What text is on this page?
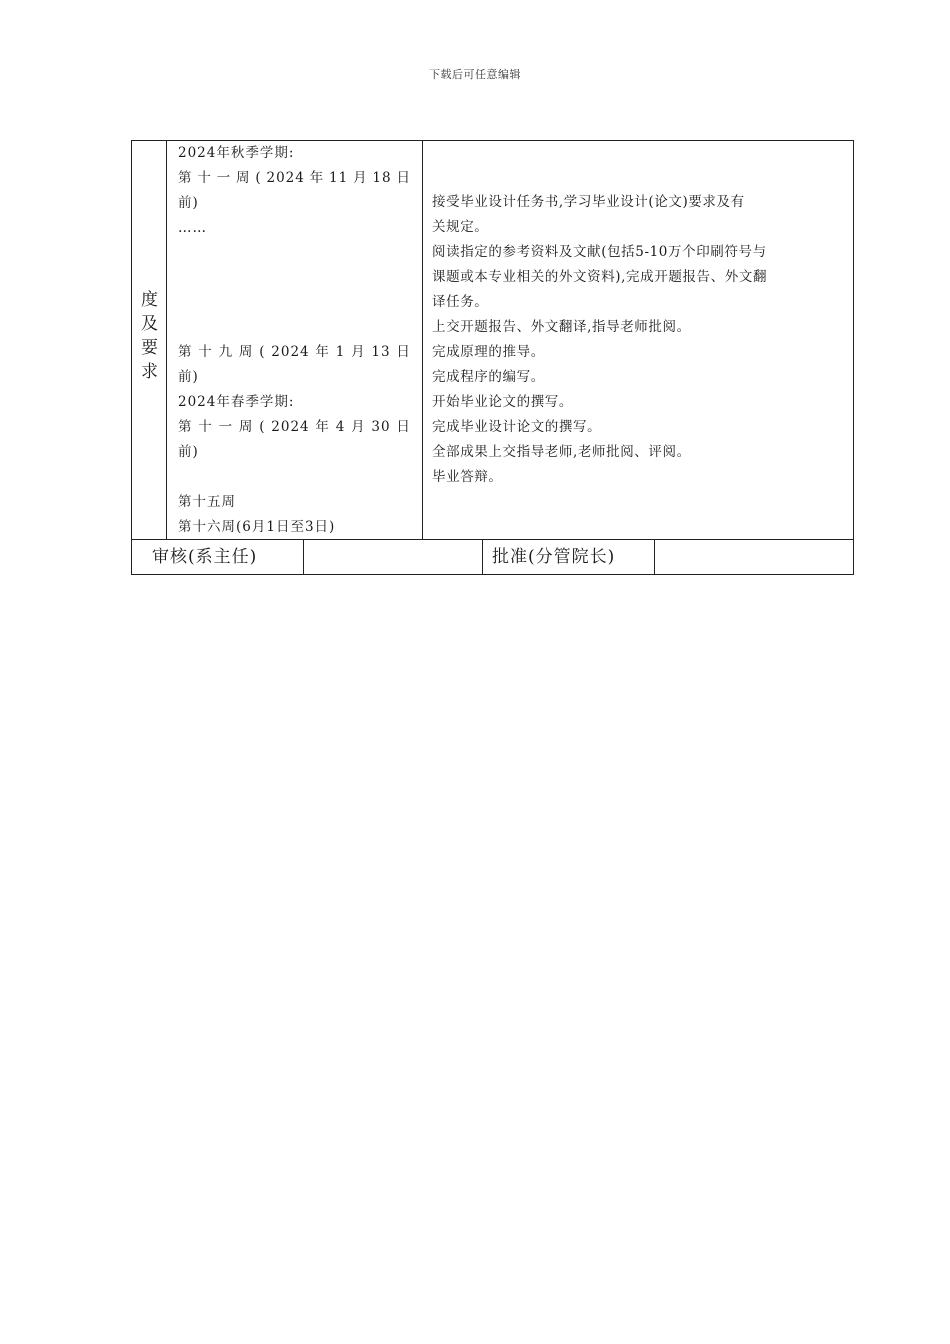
下载后可任意编辑
度
及
要
求
2024年秋季学期:
第 十 一 周 ( 2024 年 11 月 18 日
前)
……
第 十 九 周 ( 2024 年 1 月 13 日
前)
2024年春季学期:
第 十 一 周 ( 2024 年 4 月 30 日
前)
第十五周
第十六周(6月1日至3日)
接受毕业设计任务书,学习毕业设计(论文)要求及有
关规定。
阅读指定的参考资料及文献(包括5-10万个印刷符号与
课题或本专业相关的外文资料),完成开题报告、外文翻
译任务。
上交开题报告、外文翻译,指导老师批阅。
完成原理的推导。
完成程序的编写。
开始毕业论文的撰写。
完成毕业设计论文的撰写。
全部成果上交指导老师,老师批阅、评阅。
毕业答辩。
审核(系主任)	批准(分管院长)
